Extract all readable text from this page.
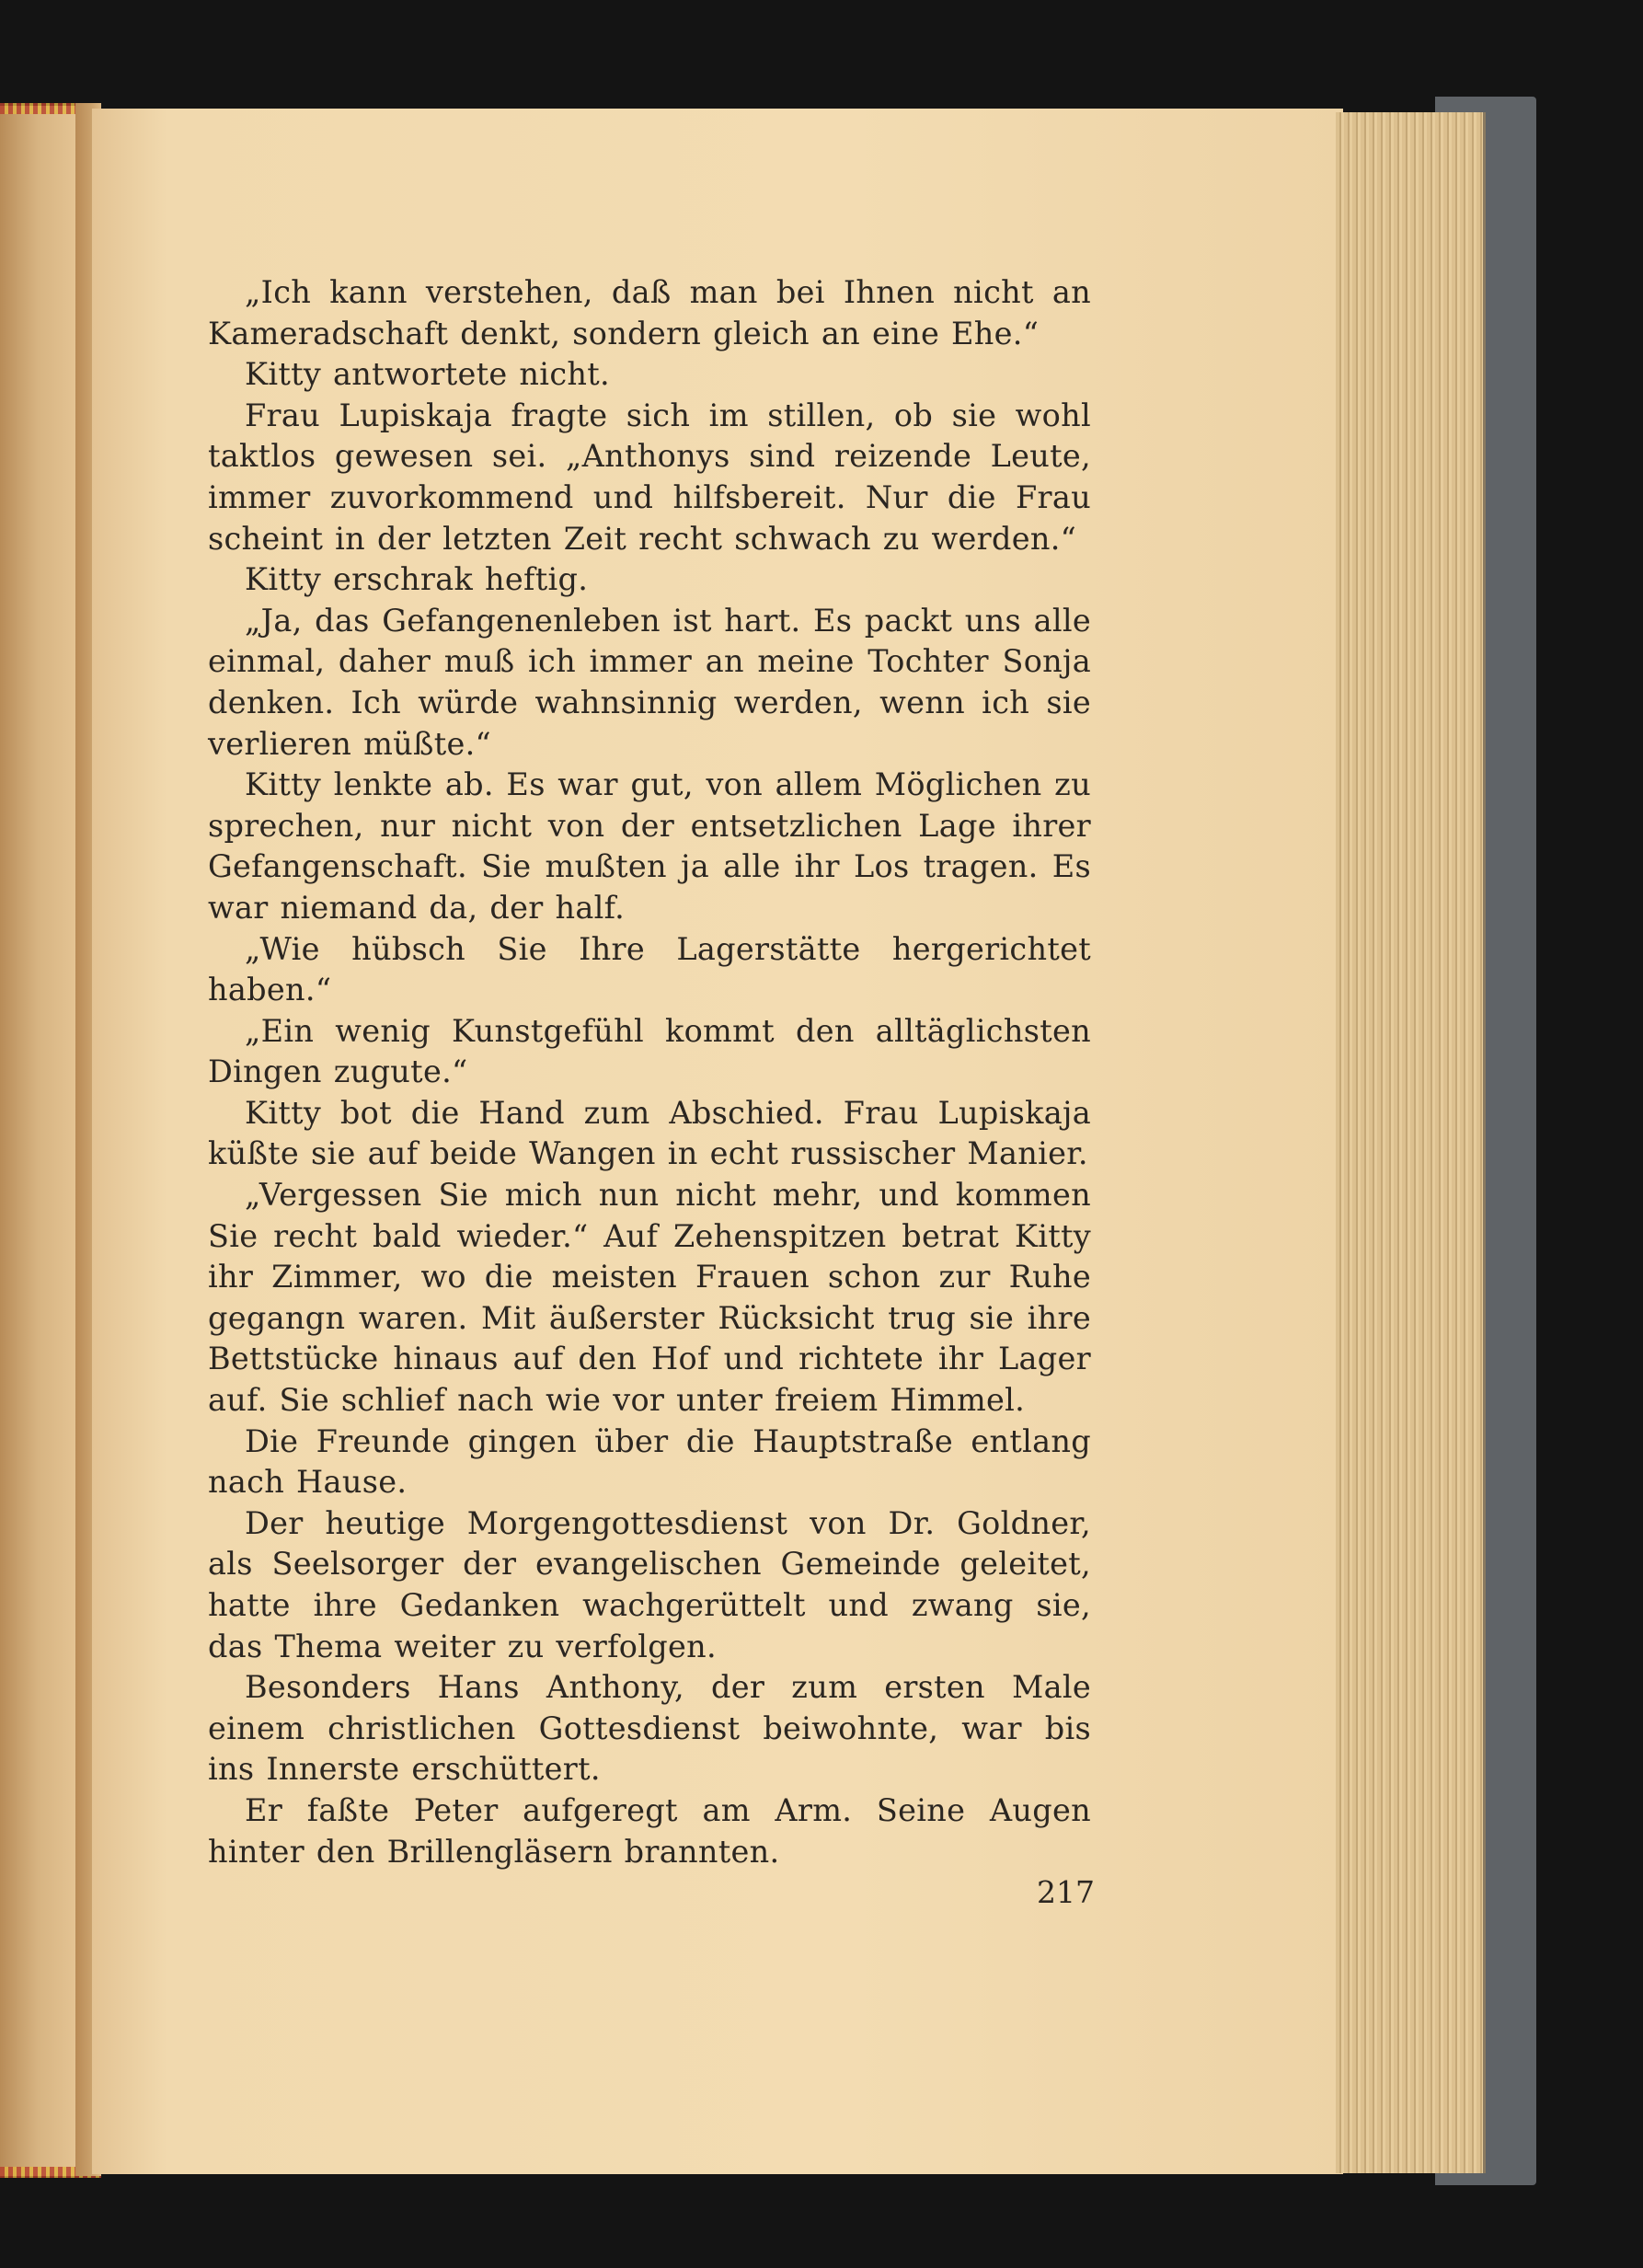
„Ich kann verstehen, daß man bei Ihnen nicht an Kameradschaft denkt, sondern gleich an eine Ehe.“

Kitty antwortete nicht.

Frau Lupiskaja fragte sich im stillen, ob sie wohl taktlos gewesen sei. „Anthonys sind reizende Leute, immer zuvorkommend und hilfsbereit. Nur die Frau scheint in der letzten Zeit recht schwach zu werden.“

Kitty erschrak heftig.

„Ja, das Gefangenenleben ist hart. Es packt uns alle einmal, daher muß ich immer an meine Tochter Sonja denken. Ich würde wahnsinnig werden, wenn ich sie verlieren müßte.“

Kitty lenkte ab. Es war gut, von allem Möglichen zu sprechen, nur nicht von der entsetzlichen Lage ihrer Gefangenschaft. Sie mußten ja alle ihr Los tragen. Es war niemand da, der half.

„Wie hübsch Sie Ihre Lagerstätte hergerichtet haben.“

„Ein wenig Kunstgefühl kommt den alltäglichsten Dingen zugute.“

Kitty bot die Hand zum Abschied. Frau Lupiskaja küßte sie auf beide Wangen in echt russischer Manier.

„Vergessen Sie mich nun nicht mehr, und kommen Sie recht bald wieder.“ Auf Zehenspitzen betrat Kitty ihr Zimmer, wo die meisten Frauen schon zur Ruhe gegangn waren. Mit äußerster Rücksicht trug sie ihre Bettstücke hinaus auf den Hof und richtete ihr Lager auf. Sie schlief nach wie vor unter freiem Himmel.

Die Freunde gingen über die Hauptstraße entlang nach Hause.

Der heutige Morgengottesdienst von Dr. Goldner, als Seelsorger der evangelischen Gemeinde geleitet, hatte ihre Gedanken wachgerüttelt und zwang sie, das Thema weiter zu verfolgen.

Besonders Hans Anthony, der zum ersten Male einem christlichen Gottesdienst beiwohnte, war bis ins Innerste erschüttert.

Er faßte Peter aufgeregt am Arm. Seine Augen hinter den Brillengläsern brannten.

217
